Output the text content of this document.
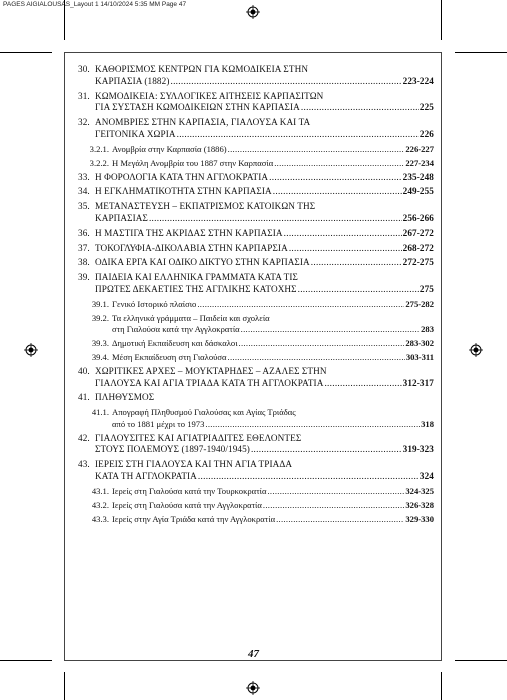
PAGES AIGIALOUSAS_Layout 1 14/10/2024 5:35 MM Page 47
30. ΚΑΘΟΡΙΣΜΟΣ ΚΕΝΤΡΩΝ ΓΙΑ ΚΩΜΟΔΙΚΕΙΑ ΣΤΗΝ
ΚΑΡΠΑΣΙΑ (1882) .....	223-224
31. ΚΩΜΟΔΙΚΕΙΑ: ΣΥΛΛΟΓΙΚΕΣ ΑΙΤΗΣΕΙΣ ΚΑΡΠΑΣΙΤΩΝ
ΓΙΑ ΣΥΣΤΑΣΗ ΚΩΜΟΔΙΚΕΙΩΝ ΣΤΗΝ ΚΑΡΠΑΣΙΑ .....	225
32. ΑΝΟΜΒΡΙΕΣ ΣΤΗΝ ΚΑΡΠΑΣΙΑ, ΓΙΑΛΟΥΣΑ ΚΑΙ ΤΑ
ΓΕΙΤΟΝΙΚΑ ΧΩΡΙΑ .....	226
3.2.1. Ανομβρία στην Καρπασία (1886) .....	226-227
3.2.2. Η Μεγάλη Ανομβρία του 1887 στην Καρπασία .....	227-234
33. Η ΦΟΡΟΛΟΓΙΑ ΚΑΤΑ ΤΗΝ ΑΓΓΛΟΚΡΑΤΙΑ .....	235-248
34. Η ΕΓΚΛΗΜΑΤΙΚΟΤΗΤΑ ΣΤΗΝ ΚΑΡΠΑΣΙΑ .....	249-255
35. ΜΕΤΑΝΑΣΤΕΥΣΗ – ΕΚΠΑΤΡΙΣΜΟΣ ΚΑΤΟΙΚΩΝ ΤΗΣ
ΚΑΡΠΑΣΙΑΣ .....	256-266
36. Η ΜΑΣΤΙΓΑ ΤΗΣ ΑΚΡΙΔΑΣ ΣΤΗΝ ΚΑΡΠΑΣΙΑ .....	267-272
37. ΤΟΚΟΓΛΥΦΙΑ-ΔΙΚΟΛΑΒΙΑ ΣΤΗΝ ΚΑΡΠΑΡΣΙΑ .....	268-272
38. ΟΔΙΚΑ ΕΡΓΑ ΚΑΙ ΟΔΙΚΟ ΔΙΚΤΥΟ ΣΤΗΝ ΚΑΡΠΑΣΙΑ .....	272-275
39. ΠΑΙΔΕΙΑ ΚΑΙ ΕΛΛΗΝΙΚΑ ΓΡΑΜΜΑΤΑ ΚΑΤΑ ΤΙΣ
ΠΡΩΤΕΣ ΔΕΚΑΕΤΙΕΣ ΤΗΣ ΑΓΓΛΙΚΗΣ ΚΑΤΟΧΗΣ .....	275
39.1. Γενικό Ιστορικό πλαίσιο .....	275-282
39.2. Τα ελληνικά γράμματα – Παιδεία και σχολεία
στη Γιαλούσα κατά την Αγγλοκρατία .....	283
39.3. Δημοτική Εκπαίδευση και δάσκαλοι .....	283-302
39.4. Μέση Εκπαίδευση στη Γιαλούσα .....	303-311
40. ΧΩΡΙΤΙΚΕΣ ΑΡΧΕΣ – ΜΟΥΚΤΑΡΗΔΕΣ – ΑΖΑΛΕΣ ΣΤΗΝ
ΓΙΑΛΟΥΣΑ ΚΑΙ ΑΓΙΑ ΤΡΙΑΔΑ ΚΑΤΑ ΤΗ ΑΓΓΛΟΚΡΑΤΙΑ .....	312-317
41. ΠΛΗΘΥΣΜΟΣ
41.1. Απογραφή Πληθυσμού Γιαλούσας και Αγίας Τριάδας
από το 1881 μέχρι το 1973 .....	318
42. ΓΙΑΛΟΥΣΙΤΕΣ ΚΑΙ ΑΓΙΑΤΡΙΑΔΙΤΕΣ ΕΘΕΛΟΝΤΕΣ
ΣΤΟΥΣ ΠΟΛΕΜΟΥΣ (1897-1940/1945) .....	319-323
43. ΙΕΡΕΙΣ ΣΤΗ ΓΙΑΛΟΥΣΑ ΚΑΙ ΤΗΝ ΑΓΙΑ ΤΡΙΑΔΑ
ΚΑΤΑ ΤΗ ΑΓΓΛΟΚΡΑΤΙΑ .....	324
43.1. Ιερείς στη Γιαλούσα κατά την Τουρκοκρατία .....	324-325
43.2. Ιερείς στη Γιαλούσα κατά την Αγγλοκρατία .....	326-328
43.3. Ιερείς στην Αγία Τριάδα κατά την Αγγλοκρατία .....	329-330
47
